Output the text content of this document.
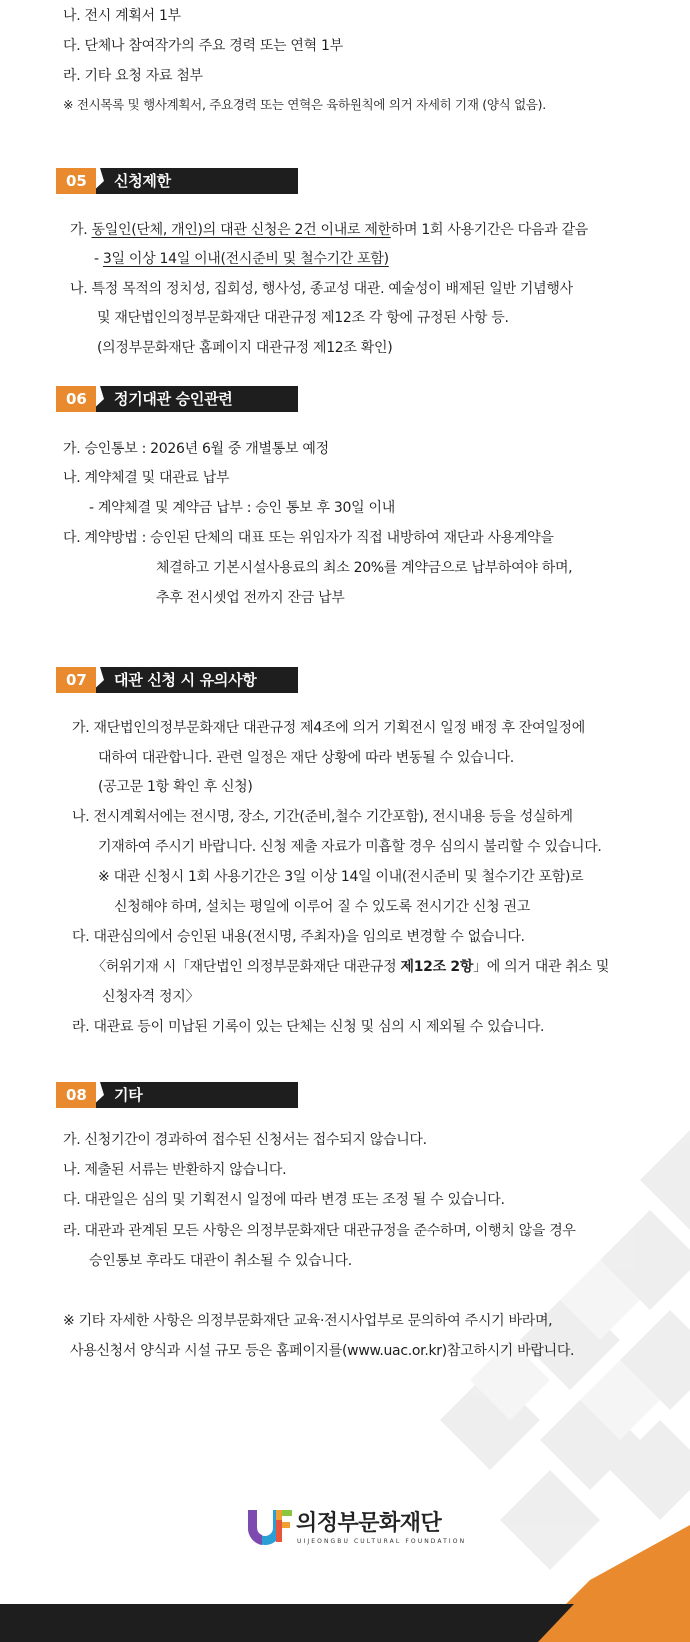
나. 전시 계획서 1부
다. 단체나 참여작가의 주요 경력 또는 연혁 1부
라. 기타 요청 자료 첨부
※ 전시목록 및 행사계획서, 주요경력 또는 연혁은 육하원칙에 의거 자세히 기재 (양식 없음).
05	신청제한
가. 동일인(단체, 개인)의 대관 신청은 2건 이내로 제한하며 1회 사용기간은 다음과 같음
- 3일 이상 14일 이내(전시준비 및 철수기간 포함)
나. 특정 목적의 정치성, 집회성, 행사성, 종교성 대관. 예술성이 배제된 일반 기념행사
및 재단법인의정부문화재단 대관규정 제12조 각 항에 규정된 사항 등.
(의정부문화재단 홈페이지 대관규정 제12조 확인)
06	정기대관 승인관련
가. 승인통보 : 2026년 6월 중 개별통보 예정
나. 계약체결 및 대관료 납부
- 계약체결 및 계약금 납부 : 승인 통보 후 30일 이내
다. 계약방법 : 승인된 단체의 대표 또는 위임자가 직접 내방하여 재단과 사용계약을
체결하고 기본시설사용료의 최소 20%를 계약금으로 납부하여야 하며,
추후 전시셋업 전까지 잔금 납부
07	대관 신청 시 유의사항
가. 재단법인의정부문화재단 대관규정 제4조에 의거 기획전시 일정 배정 후 잔여일정에
대하여 대관합니다. 관련 일정은 재단 상황에 따라 변동될 수 있습니다.
(공고문 1항 확인 후 신청)
나. 전시계획서에는 전시명, 장소, 기간(준비,철수 기간포함), 전시내용 등을 성실하게
기재하여 주시기 바랍니다. 신청 제출 자료가 미흡할 경우 심의시 불리할 수 있습니다.
※ 대관 신청시 1회 사용기간은 3일 이상 14일 이내(전시준비 및 철수기간 포함)로
신청해야 하며, 설치는 평일에 이루어 질 수 있도록 전시기간 신청 권고
다. 대관심의에서 승인된 내용(전시명, 주최자)을 임의로 변경할 수 없습니다.
〈허위기재 시「재단법인 의정부문화재단 대관규정 제12조 2항」에 의거 대관 취소 및
신청자격 정지〉
라. 대관료 등이 미납된 기록이 있는 단체는 신청 및 심의 시 제외될 수 있습니다.
08	기타
가. 신청기간이 경과하여 접수된 신청서는 접수되지 않습니다.
나. 제출된 서류는 반환하지 않습니다.
다. 대관일은 심의 및 기획전시 일정에 따라 변경 또는 조정 될 수 있습니다.
라. 대관과 관계된 모든 사항은 의정부문화재단 대관규정을 준수하며, 이행치 않을 경우
승인통보 후라도 대관이 취소될 수 있습니다.
※ 기타 자세한 사항은 의정부문화재단 교육·전시사업부로 문의하여 주시기 바라며,
사용신청서 양식과 시설 규모 등은 홈페이지를(www.uac.or.kr)참고하시기 바랍니다.
의정부문화재단
UIJEONGBU CULTURAL FOUNDATION
